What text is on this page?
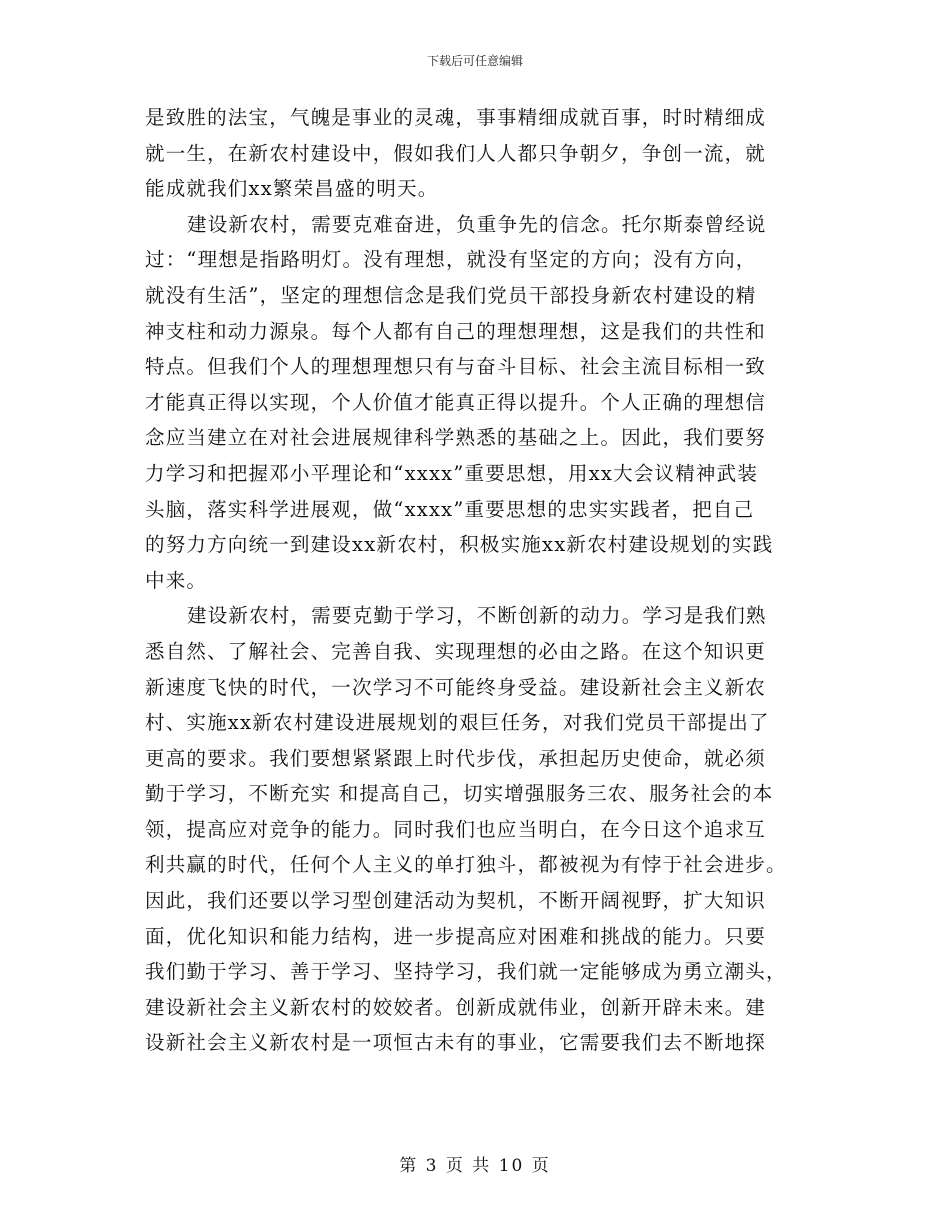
下载后可任意编辑
是致胜的法宝，气魄是事业的灵魂，事事精细成就百事，时时精细成
就一生，在新农村建设中，假如我们人人都只争朝夕，争创一流，就
能成就我们xx繁荣昌盛的明天。
建设新农村，需要克难奋进，负重争先的信念。托尔斯泰曾经说
过：“理想是指路明灯。没有理想，就没有坚定的方向；没有方向，
就没有生活”，坚定的理想信念是我们党员干部投身新农村建设的精
神支柱和动力源泉。每个人都有自己的理想理想，这是我们的共性和
特点。但我们个人的理想理想只有与奋斗目标、社会主流目标相一致
才能真正得以实现，个人价值才能真正得以提升。个人正确的理想信
念应当建立在对社会进展规律科学熟悉的基础之上。因此，我们要努
力学习和把握邓小平理论和“xxxx”重要思想，用xx大会议精神武装
头脑，落实科学进展观，做“xxxx”重要思想的忠实实践者，把自己
的努力方向统一到建设xx新农村，积极实施xx新农村建设规划的实践
中来。
建设新农村，需要克勤于学习，不断创新的动力。学习是我们熟
悉自然、了解社会、完善自我、实现理想的必由之路。在这个知识更
新速度飞快的时代，一次学习不可能终身受益。建设新社会主义新农
村、实施xx新农村建设进展规划的艰巨任务，对我们党员干部提出了
更高的要求。我们要想紧紧跟上时代步伐，承担起历史使命，就必须
勤于学习，不断充实 和提高自己，切实增强服务三农、服务社会的本
领，提高应对竞争的能力。同时我们也应当明白，在今日这个追求互
利共赢的时代，任何个人主义的单打独斗，都被视为有悖于社会进步。
因此，我们还要以学习型创建活动为契机，不断开阔视野，扩大知识
面，优化知识和能力结构，进一步提高应对困难和挑战的能力。只要
我们勤于学习、善于学习、坚持学习，我们就一定能够成为勇立潮头，
建设新社会主义新农村的姣姣者。创新成就伟业，创新开辟未来。建
设新社会主义新农村是一项恒古未有的事业，它需要我们去不断地探
第 3 页 共 10 页
